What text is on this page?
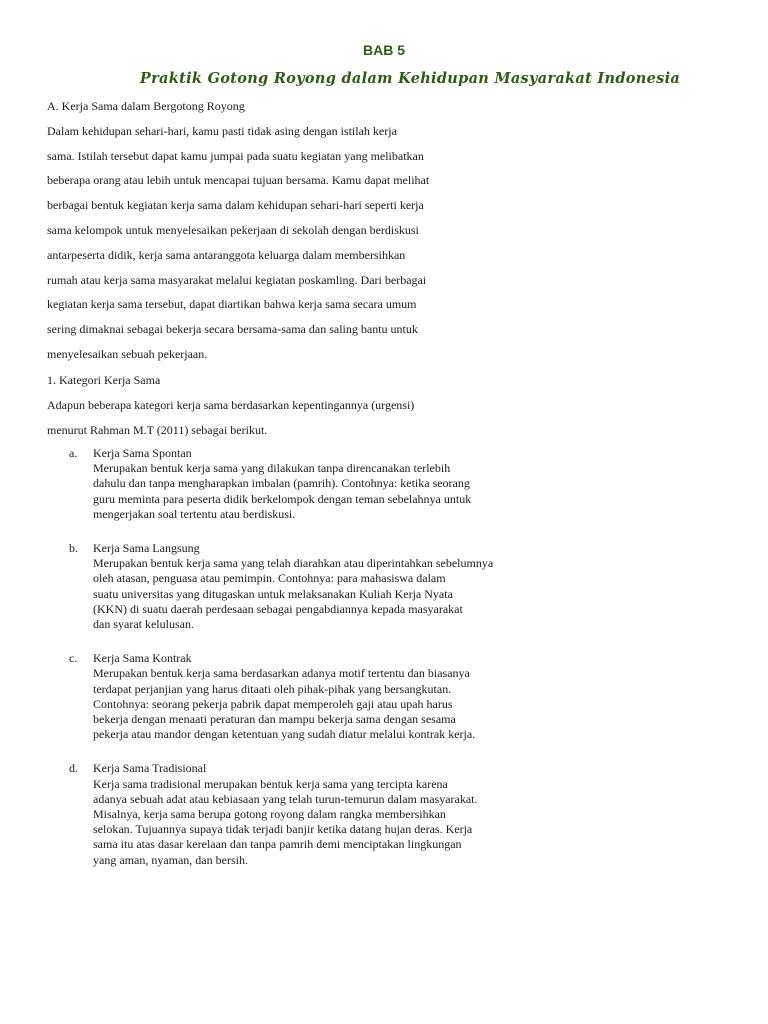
BAB 5
Praktik Gotong Royong dalam Kehidupan Masyarakat Indonesia
A. Kerja Sama dalam Bergotong Royong
Dalam kehidupan sehari-hari, kamu pasti tidak asing dengan istilah kerja
sama. Istilah tersebut dapat kamu jumpai pada suatu kegiatan yang melibatkan
beberapa orang atau lebih untuk mencapai tujuan bersama. Kamu dapat melihat
berbagai bentuk kegiatan kerja sama dalam kehidupan sehari-hari seperti kerja
sama kelompok untuk menyelesaikan pekerjaan di sekolah dengan berdiskusi
antarpeserta didik, kerja sama antaranggota keluarga dalam membersihkan
rumah atau kerja sama masyarakat melalui kegiatan poskamling. Dari berbagai
kegiatan kerja sama tersebut, dapat diartikan bahwa kerja sama secara umum
sering dimaknai sebagai bekerja secara bersama-sama dan saling bantu untuk
menyelesaikan sebuah pekerjaan.
1. Kategori Kerja Sama
Adapun beberapa kategori kerja sama berdasarkan kepentingannya (urgensi)
menurut Rahman M.T (2011) sebagai berikut.
a. Kerja Sama Spontan
Merupakan bentuk kerja sama yang dilakukan tanpa direncanakan terlebih
dahulu dan tanpa mengharapkan imbalan (pamrih). Contohnya: ketika seorang
guru meminta para peserta didik berkelompok dengan teman sebelahnya untuk
mengerjakan soal tertentu atau berdiskusi.
b. Kerja Sama Langsung
Merupakan bentuk kerja sama yang telah diarahkan atau diperintahkan sebelumnya
oleh atasan, penguasa atau pemimpin. Contohnya: para mahasiswa dalam
suatu universitas yang ditugaskan untuk melaksanakan Kuliah Kerja Nyata
(KKN) di suatu daerah perdesaan sebagai pengabdiannya kepada masyarakat
dan syarat kelulusan.
c. Kerja Sama Kontrak
Merupakan bentuk kerja sama berdasarkan adanya motif tertentu dan biasanya
terdapat perjanjian yang harus ditaati oleh pihak-pihak yang bersangkutan.
Contohnya: seorang pekerja pabrik dapat memperoleh gaji atau upah harus
bekerja dengan menaati peraturan dan mampu bekerja sama dengan sesama
pekerja atau mandor dengan ketentuan yang sudah diatur melalui kontrak kerja.
d. Kerja Sama Tradisional
Kerja sama tradisional merupakan bentuk kerja sama yang tercipta karena
adanya sebuah adat atau kebiasaan yang telah turun-temurun dalam masyarakat.
Misalnya, kerja sama berupa gotong royong dalam rangka membersihkan
selokan. Tujuannya supaya tidak terjadi banjir ketika datang hujan deras. Kerja
sama itu atas dasar kerelaan dan tanpa pamrih demi menciptakan lingkungan
yang aman, nyaman, dan bersih.
